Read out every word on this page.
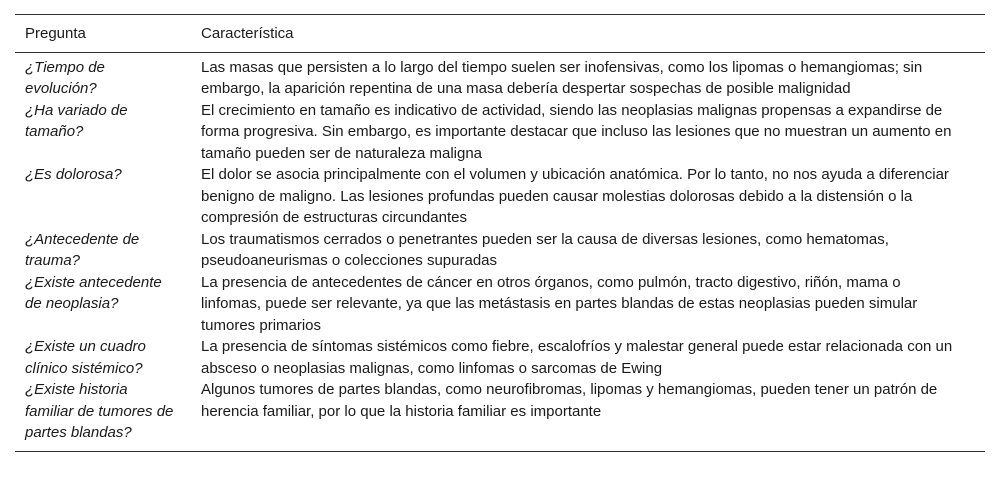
Pregunta	Característica
¿Tiempo de evolución?	Las masas que persisten a lo largo del tiempo suelen ser inofensivas, como los lipomas o hemangiomas; sin embargo, la aparición repentina de una masa debería despertar sospechas de posible malignidad
¿Ha variado de tamaño?	El crecimiento en tamaño es indicativo de actividad, siendo las neoplasias malignas propensas a expandirse de forma progresiva. Sin embargo, es importante destacar que incluso las lesiones que no muestran un aumento en tamaño pueden ser de naturaleza maligna
¿Es dolorosa?	El dolor se asocia principalmente con el volumen y ubicación anatómica. Por lo tanto, no nos ayuda a diferenciar benigno de maligno. Las lesiones profundas pueden causar molestias dolorosas debido a la distensión o la compresión de estructuras circundantes
¿Antecedente de trauma?	Los traumatismos cerrados o penetrantes pueden ser la causa de diversas lesiones, como hematomas, pseudoaneurismas o colecciones supuradas
¿Existe antecedente de neoplasia?	La presencia de antecedentes de cáncer en otros órganos, como pulmón, tracto digestivo, riñón, mama o linfomas, puede ser relevante, ya que las metástasis en partes blandas de estas neoplasias pueden simular tumores primarios
¿Existe un cuadro clínico sistémico?	La presencia de síntomas sistémicos como fiebre, escalofríos y malestar general puede estar relacionada con un absceso o neoplasias malignas, como linfomas o sarcomas de Ewing
¿Existe historia familiar de tumores de partes blandas?	Algunos tumores de partes blandas, como neurofibromas, lipomas y hemangiomas, pueden tener un patrón de herencia familiar, por lo que la historia familiar es importante
